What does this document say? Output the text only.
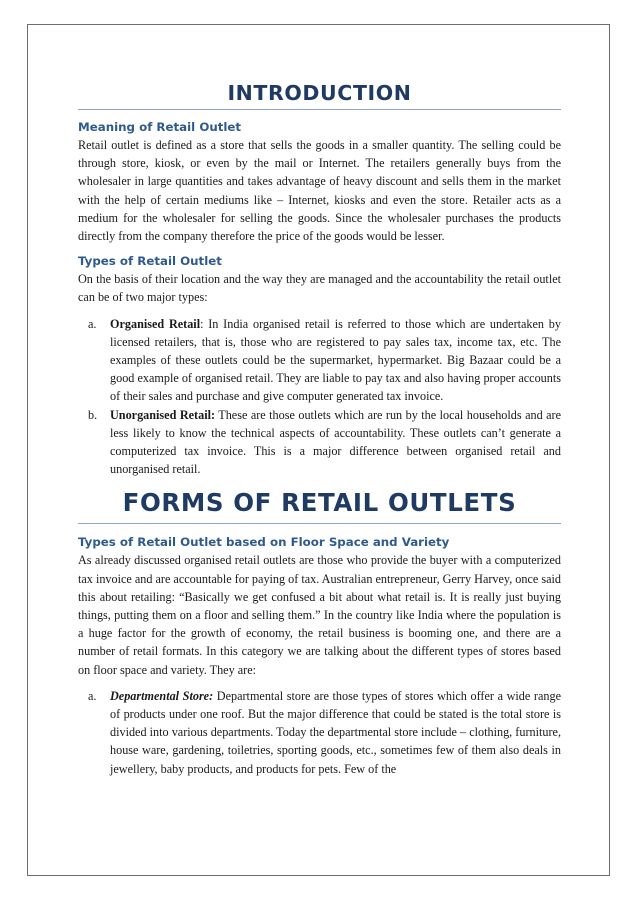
INTRODUCTION
Meaning of Retail Outlet

Retail outlet is defined as a store that sells the goods in a smaller quantity. The selling could be through store, kiosk, or even by the mail or Internet. The retailers generally buys from the wholesaler in large quantities and takes advantage of heavy discount and sells them in the market with the help of certain mediums like – Internet, kiosks and even the store. Retailer acts as a medium for the wholesaler for selling the goods. Since the wholesaler purchases the products directly from the company therefore the price of the goods would be lesser.

Types of Retail Outlet

On the basis of their location and the way they are managed and the accountability the retail outlet can be of two major types:

a. Organised Retail: In India organised retail is referred to those which are undertaken by licensed retailers, that is, those who are registered to pay sales tax, income tax, etc. The examples of these outlets could be the supermarket, hypermarket. Big Bazaar could be a good example of organised retail. They are liable to pay tax and also having proper accounts of their sales and purchase and give computer generated tax invoice.
b. Unorganised Retail: These are those outlets which are run by the local households and are less likely to know the technical aspects of accountability. These outlets can’t generate a computerized tax invoice. This is a major difference between organised retail and unorganised retail.
FORMS OF RETAIL OUTLETS
Types of Retail Outlet based on Floor Space and Variety

As already discussed organised retail outlets are those who provide the buyer with a computerized tax invoice and are accountable for paying of tax. Australian entrepreneur, Gerry Harvey, once said this about retailing: “Basically we get confused a bit about what retail is. It is really just buying things, putting them on a floor and selling them.” In the country like India where the population is a huge factor for the growth of economy, the retail business is booming one, and there are a number of retail formats. In this category we are talking about the different types of stores based on floor space and variety. They are:

a. Departmental Store: Departmental store are those types of stores which offer a wide range of products under one roof. But the major difference that could be stated is the total store is divided into various departments. Today the departmental store include – clothing, furniture, house ware, gardening, toiletries, sporting goods, etc., sometimes few of them also deals in jewellery, baby products, and products for pets. Few of the
